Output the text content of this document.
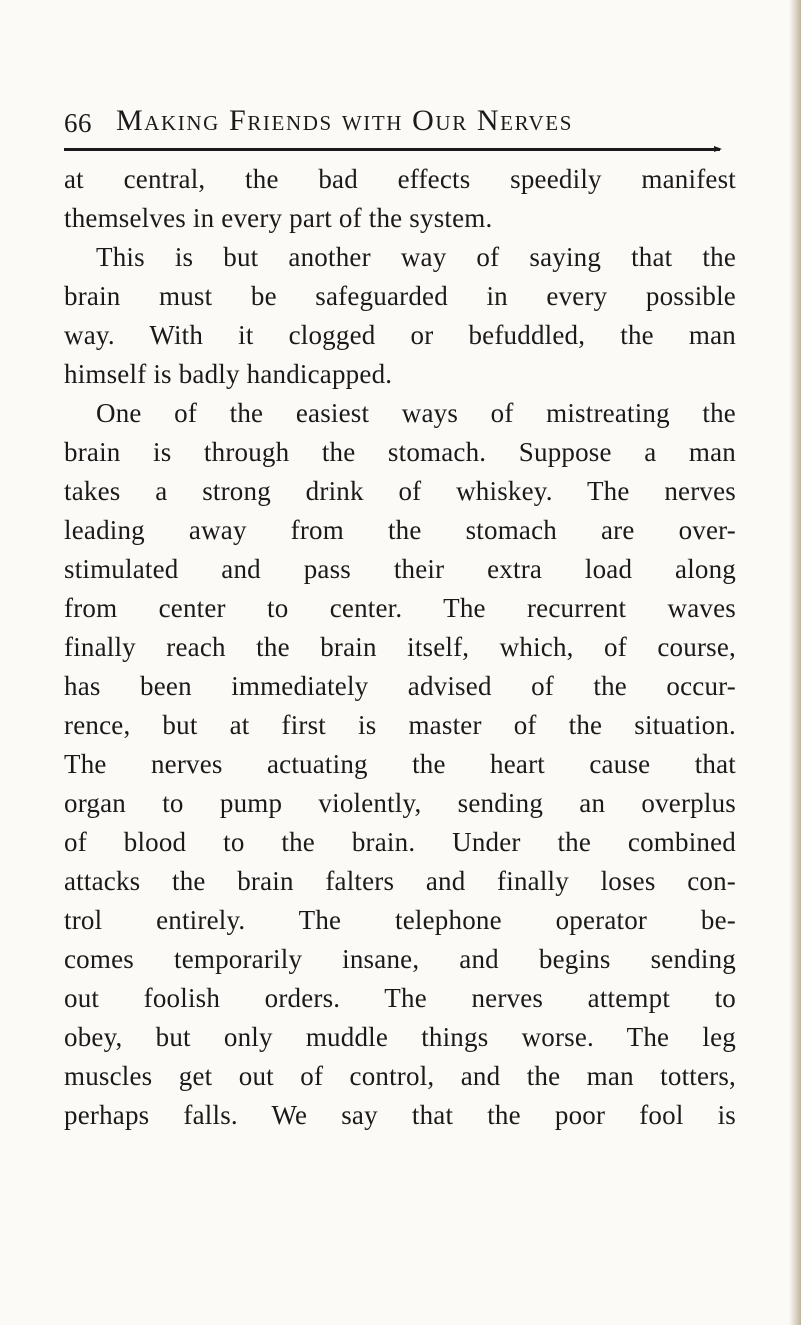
66 Making Friends with Our Nerves
at central, the bad effects speedily manifest
themselves in every part of the system.
This is but another way of saying that the
brain must be safeguarded in every possible
way. With it clogged or befuddled, the man
himself is badly handicapped.
One of the easiest ways of mistreating the
brain is through the stomach. Suppose a man
takes a strong drink of whiskey. The nerves
leading away from the stomach are over-
stimulated and pass their extra load along
from center to center. The recurrent waves
finally reach the brain itself, which, of course,
has been immediately advised of the occur-
rence, but at first is master of the situation.
The nerves actuating the heart cause that
organ to pump violently, sending an overplus
of blood to the brain. Under the combined
attacks the brain falters and finally loses con-
trol entirely. The telephone operator be-
comes temporarily insane, and begins sending
out foolish orders. The nerves attempt to
obey, but only muddle things worse. The leg
muscles get out of control, and the man totters,
perhaps falls. We say that the poor fool is
